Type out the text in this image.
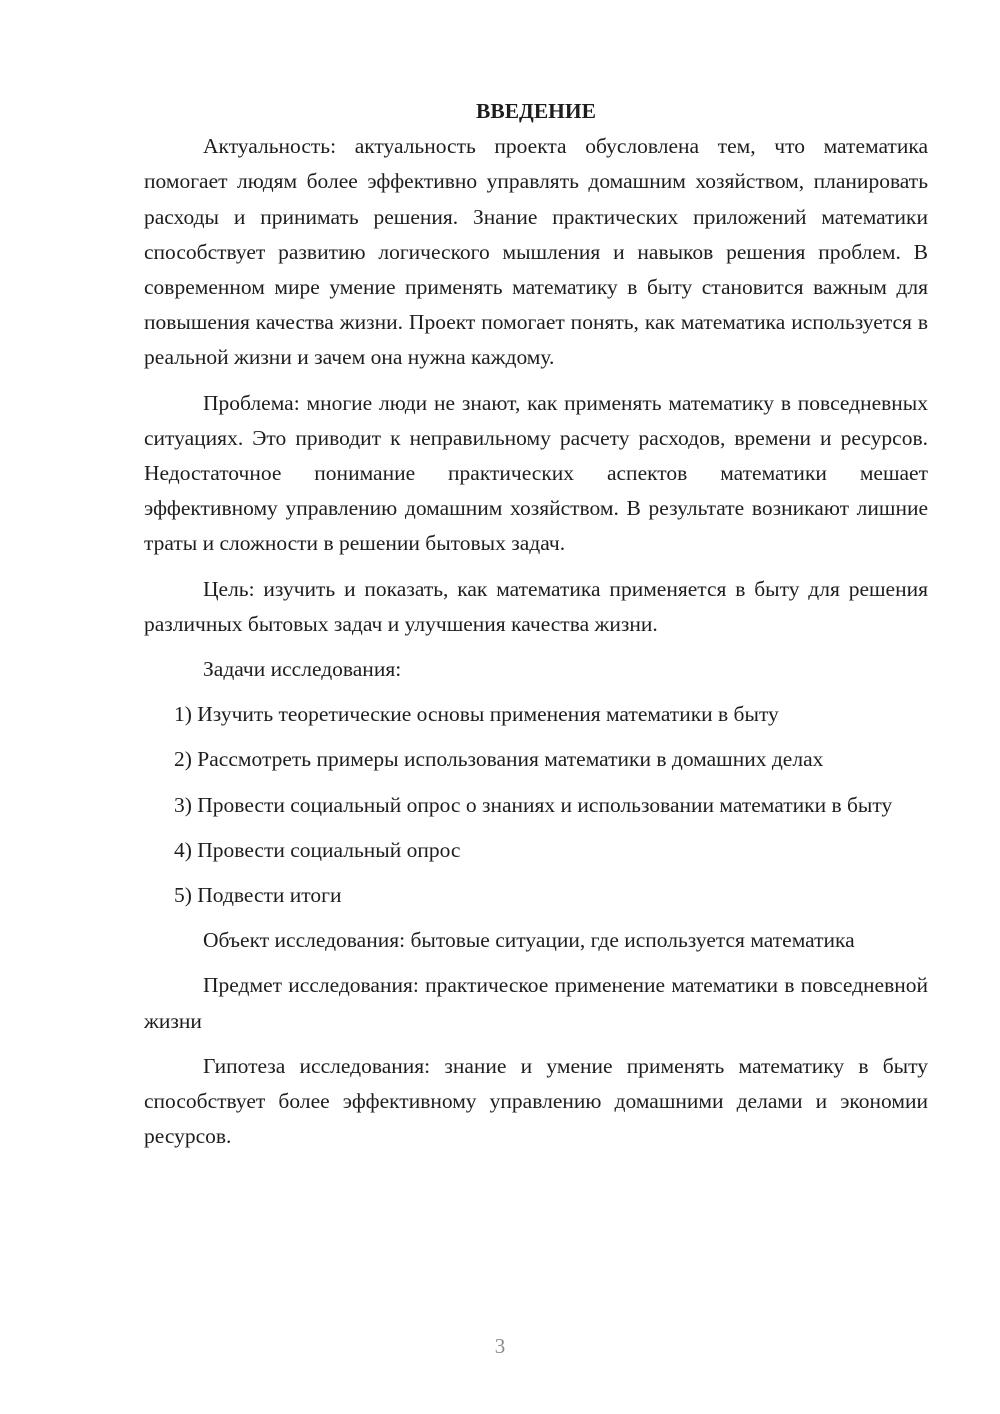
ВВЕДЕНИЕ

Актуальность: актуальность проекта обусловлена тем, что математика помогает людям более эффективно управлять домашним хозяйством, планировать расходы и принимать решения. Знание практических приложений математики способствует развитию логического мышления и навыков решения проблем. В современном мире умение применять математику в быту становится важным для повышения качества жизни. Проект помогает понять, как математика используется в реальной жизни и зачем она нужна каждому.

Проблема: многие люди не знают, как применять математику в повседневных ситуациях. Это приводит к неправильному расчету расходов, времени и ресурсов. Недостаточное понимание практических аспектов математики мешает эффективному управлению домашним хозяйством. В результате возникают лишние траты и сложности в решении бытовых задач.

Цель: изучить и показать, как математика применяется в быту для решения различных бытовых задач и улучшения качества жизни.

Задачи исследования:

1) Изучить теоретические основы применения математики в быту

2) Рассмотреть примеры использования математики в домашних делах

3) Провести социальный опрос о знаниях и использовании математики в быту

4) Провести социальный опрос

5) Подвести итоги

Объект исследования: бытовые ситуации, где используется математика

Предмет исследования: практическое применение математики в повседневной жизни

Гипотеза исследования: знание и умение применять математику в быту способствует более эффективному управлению домашними делами и экономии ресурсов.

3
